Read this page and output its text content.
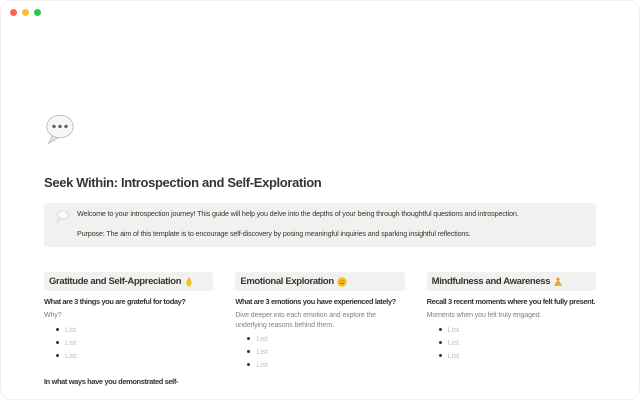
Seek Within: Introspection and Self-Exploration

Welcome to your introspection journey! This guide will help you delve into the depths of your being through thoughtful questions and introspection.

Purpose: The aim of this template is to encourage self-discovery by posing meaningful inquiries and sparking insightful reflections.

Gratitude and Self-Appreciation
What are 3 things you are grateful for today?
Why?
List
List
List
In what ways have you demonstrated self-
Emotional Exploration
What are 3 emotions you have experienced lately?
Dive deeper into each emotion and explore the underlying reasons behind them.
List
List
List
Mindfulness and Awareness
Recall 3 recent moments where you felt fully present.
Moments when you felt truly engaged.
List
List
List
